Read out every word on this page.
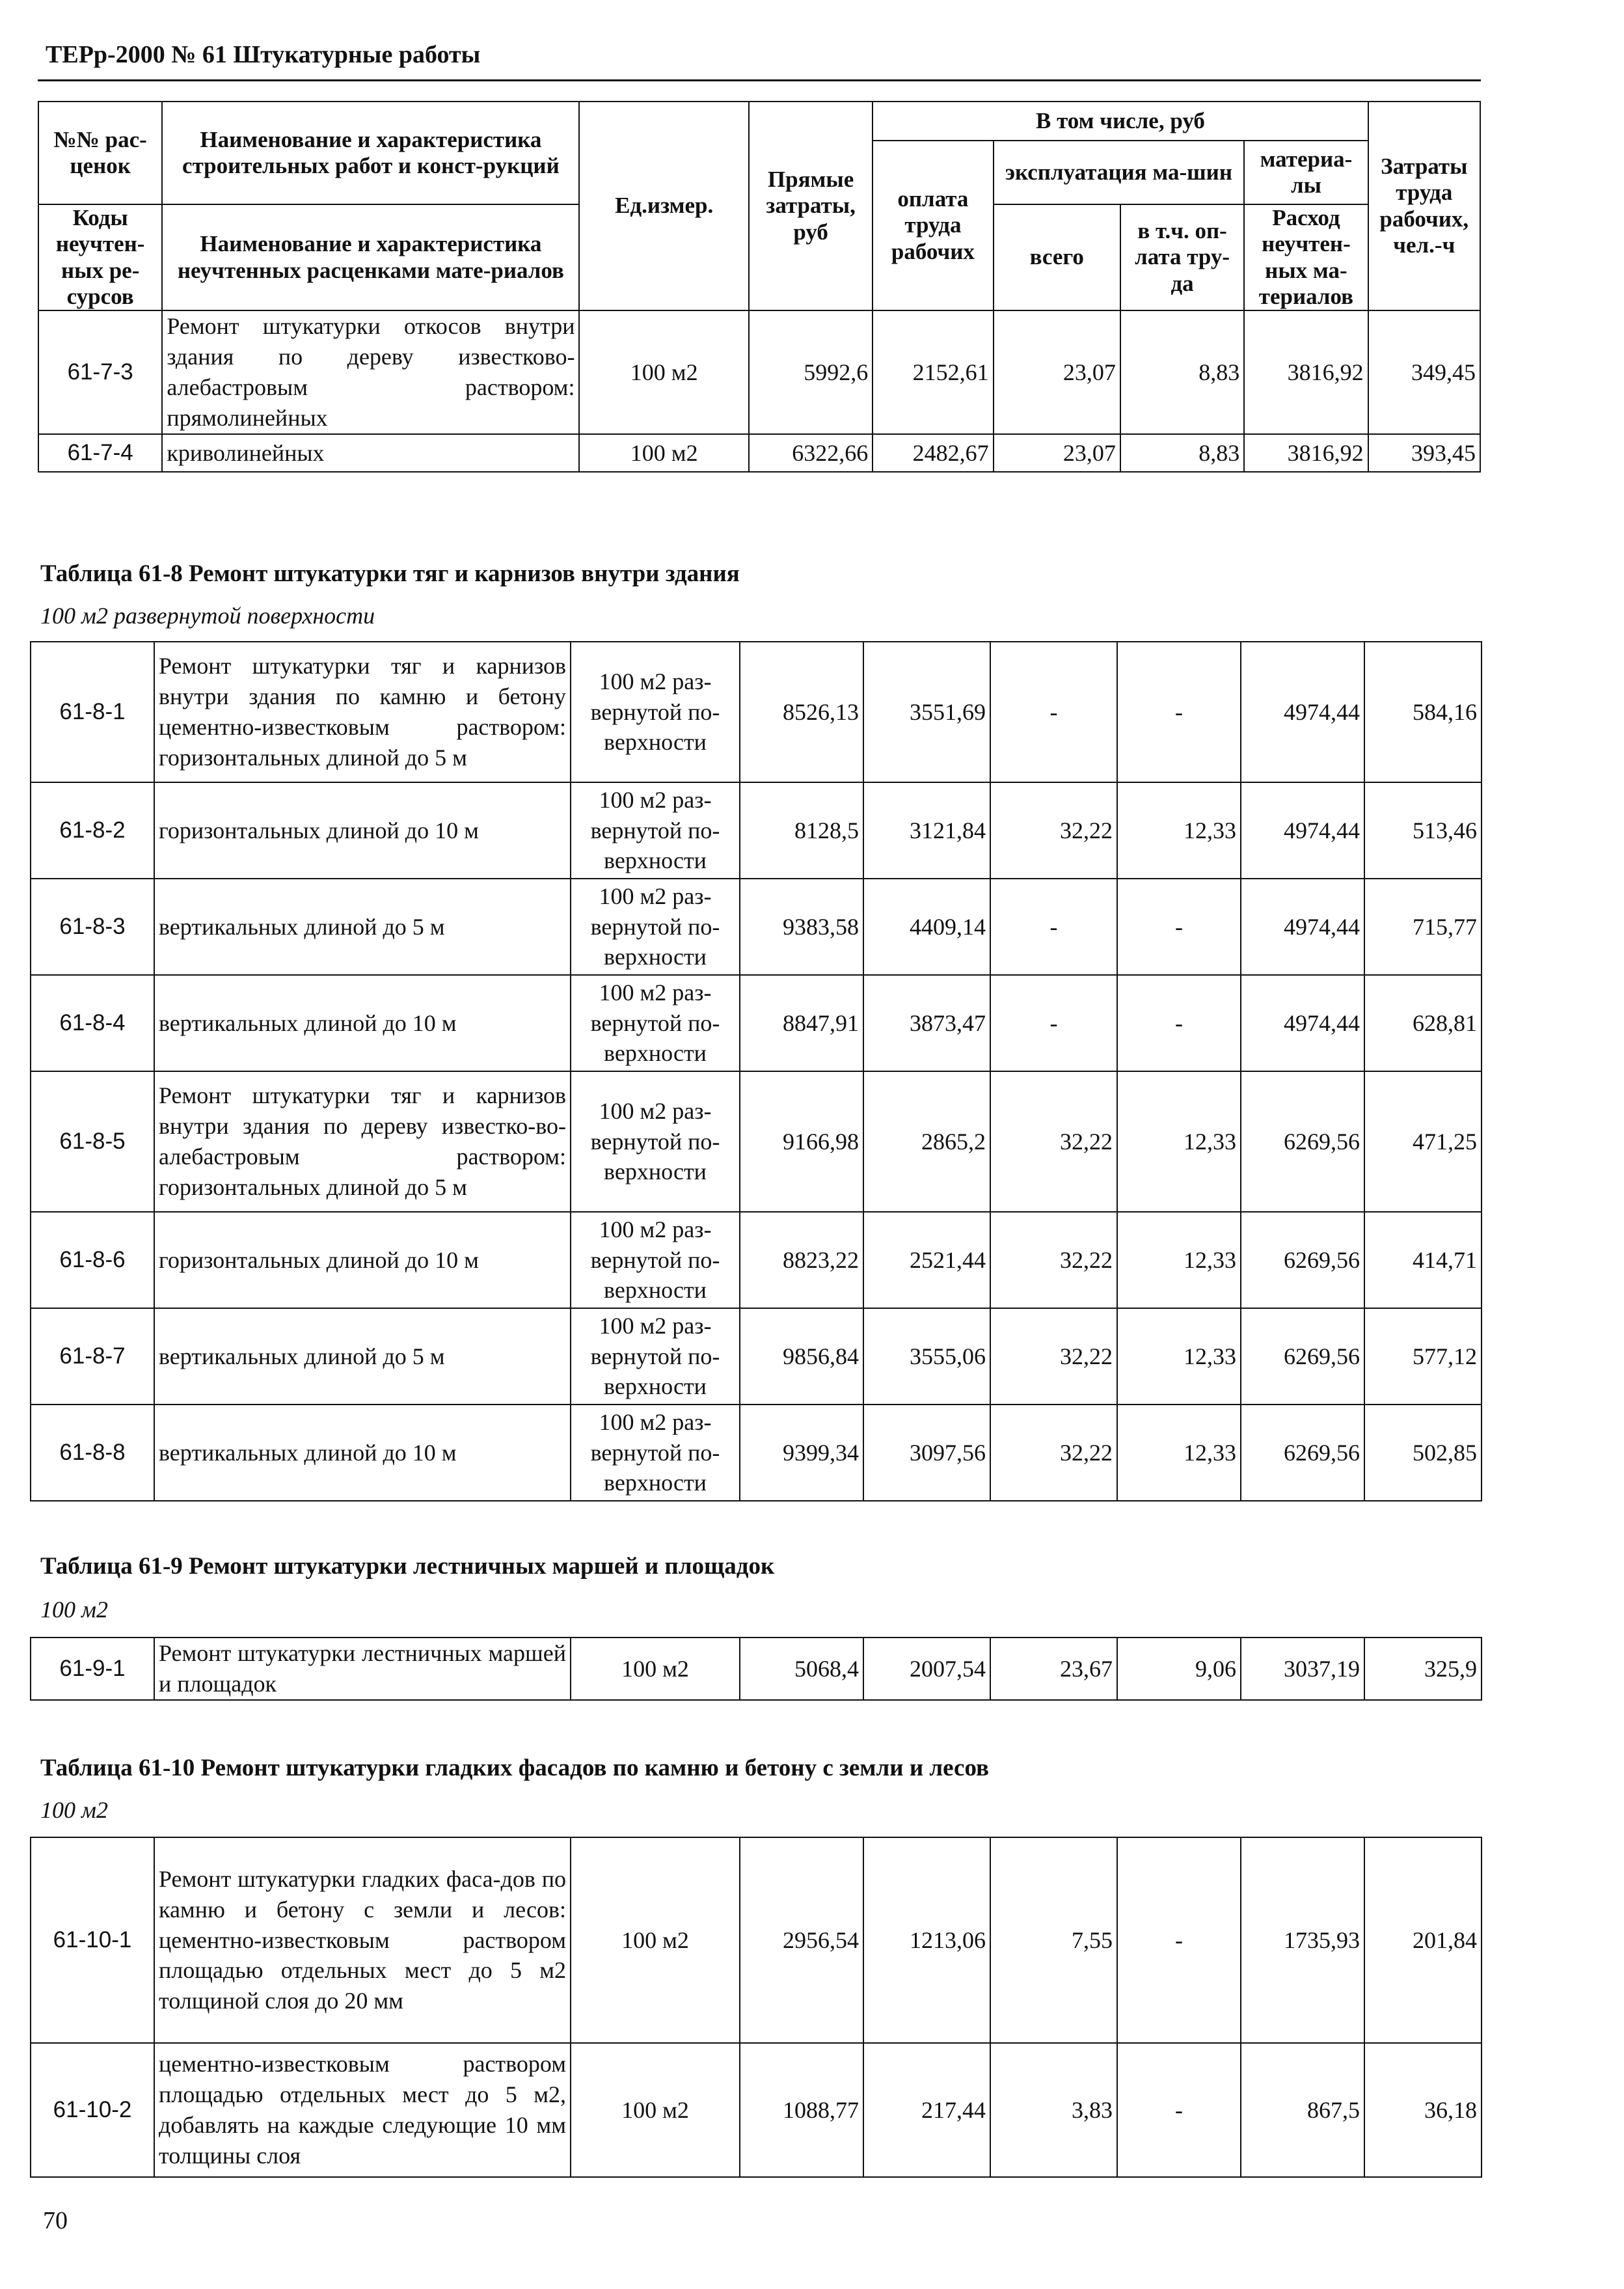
ТЕРр-2000 № 61 Штукатурные работы
№№ рас-ценок	Наименование и характеристика строительных работ и конст-рукций	Ед.измер.	Прямые затраты, руб	В том числе, руб				Затраты труда рабочих, чел.-ч
				оплата труда рабочих	эксплуатация ма-шин		материа-лы	

Коды неучтен-ных ре-сурсов	Наименование и характеристика неучтенных расценками мате-риалов				всего	в т.ч. оп-лата тру-да	Расход неучтен-ных ма-териалов	

61-7-3	Ремонт штукатурки откосов внутри здания по дереву известково-алебастровым раствором: прямолинейных	100 м2	5992,6	2152,61	23,07	8,83	3816,92	349,45
61-7-4	криволинейных	100 м2	6322,66	2482,67	23,07	8,83	3816,92	393,45
Таблица 61-8 Ремонт штукатурки тяг и карнизов внутри здания
100 м2 развернутой поверхности
61-8-1	Ремонт штукатурки тяг и карнизов внутри здания по камню и бетону цементно-известковым раствором: горизонтальных длиной до 5 м	100 м2 раз-вернутой по-верхности	8526,13	3551,69	-	-	4974,44	584,16
61-8-2	горизонтальных длиной до 10 м	100 м2 раз-вернутой по-верхности	8128,5	3121,84	32,22	12,33	4974,44	513,46
61-8-3	вертикальных длиной до 5 м	100 м2 раз-вернутой по-верхности	9383,58	4409,14	-	-	4974,44	715,77
61-8-4	вертикальных длиной до 10 м	100 м2 раз-вернутой по-верхности	8847,91	3873,47	-	-	4974,44	628,81
61-8-5	Ремонт штукатурки тяг и карнизов внутри здания по дереву известко-во-алебастровым раствором: горизонтальных длиной до 5 м	100 м2 раз-вернутой по-верхности	9166,98	2865,2	32,22	12,33	6269,56	471,25
61-8-6	горизонтальных длиной до 10 м	100 м2 раз-вернутой по-верхности	8823,22	2521,44	32,22	12,33	6269,56	414,71
61-8-7	вертикальных длиной до 5 м	100 м2 раз-вернутой по-верхности	9856,84	3555,06	32,22	12,33	6269,56	577,12
61-8-8	вертикальных длиной до 10 м	100 м2 раз-вернутой по-верхности	9399,34	3097,56	32,22	12,33	6269,56	502,85
Таблица 61-9 Ремонт штукатурки лестничных маршей и площадок
100 м2
61-9-1	Ремонт штукатурки лестничных маршей и площадок	100 м2	5068,4	2007,54	23,67	9,06	3037,19	325,9
Таблица 61-10 Ремонт штукатурки гладких фасадов по камню и бетону с земли и лесов
100 м2
61-10-1	Ремонт штукатурки гладких фаса-дов по камню и бетону с земли и лесов: цементно-известковым раствором площадью отдельных мест до 5 м2 толщиной слоя до 20 мм	100 м2	2956,54	1213,06	7,55	-	1735,93	201,84
61-10-2	цементно-известковым раствором площадью отдельных мест до 5 м2, добавлять на каждые следующие 10 мм толщины слоя	100 м2	1088,77	217,44	3,83	-	867,5	36,18
70
